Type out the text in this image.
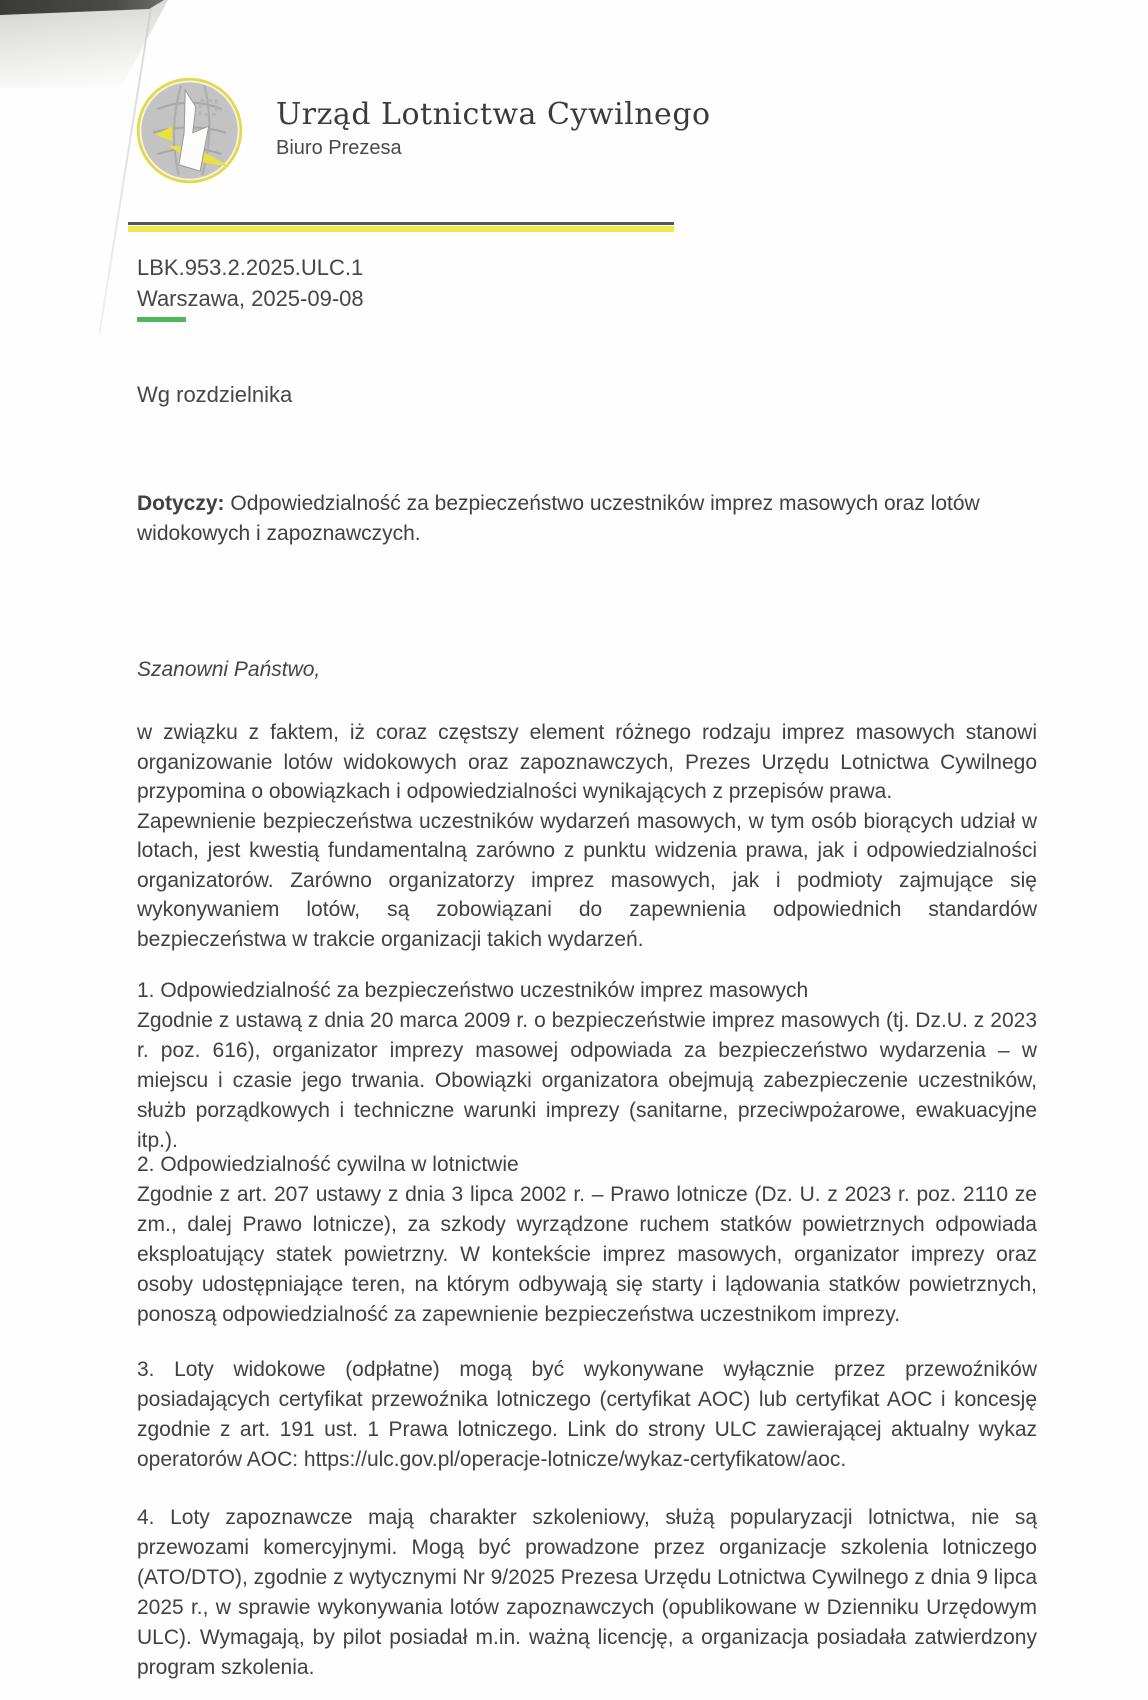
Urząd Lotnictwa Cywilnego
Biuro Prezesa
LBK.953.2.2025.ULC.1
Warszawa, 2025-09-08
Wg rozdzielnika

Dotyczy: Odpowiedzialność za bezpieczeństwo uczestników imprez masowych oraz lotów widokowych i zapoznawczych.

Szanowni Państwo,

w związku z faktem, iż coraz częstszy element różnego rodzaju imprez masowych stanowi organizowanie lotów widokowych oraz zapoznawczych, Prezes Urzędu Lotnictwa Cywilnego przypomina o obowiązkach i odpowiedzialności wynikających z przepisów prawa.

Zapewnienie bezpieczeństwa uczestników wydarzeń masowych, w tym osób biorących udział w lotach, jest kwestią fundamentalną zarówno z punktu widzenia prawa, jak i odpowiedzialności organizatorów. Zarówno organizatorzy imprez masowych, jak i podmioty zajmujące się wykonywaniem lotów, są zobowiązani do zapewnienia odpowiednich standardów bezpieczeństwa w trakcie organizacji takich wydarzeń.

1. Odpowiedzialność za bezpieczeństwo uczestników imprez masowych

Zgodnie z ustawą z dnia 20 marca 2009 r. o bezpieczeństwie imprez masowych (tj. Dz.U. z 2023 r. poz. 616), organizator imprezy masowej odpowiada za bezpieczeństwo wydarzenia – w miejscu i czasie jego trwania. Obowiązki organizatora obejmują zabezpieczenie uczestników, służb porządkowych i techniczne warunki imprezy (sanitarne, przeciwpożarowe, ewakuacyjne itp.).

2. Odpowiedzialność cywilna w lotnictwie

Zgodnie z art. 207 ustawy z dnia 3 lipca 2002 r. – Prawo lotnicze (Dz. U. z 2023 r. poz. 2110 ze zm., dalej Prawo lotnicze), za szkody wyrządzone ruchem statków powietrznych odpowiada eksploatujący statek powietrzny. W kontekście imprez masowych, organizator imprezy oraz osoby udostępniające teren, na którym odbywają się starty i lądowania statków powietrznych, ponoszą odpowiedzialność za zapewnienie bezpieczeństwa uczestnikom imprezy.

3. Loty widokowe (odpłatne) mogą być wykonywane wyłącznie przez przewoźników posiadających certyfikat przewoźnika lotniczego (certyfikat AOC) lub certyfikat AOC i koncesję zgodnie z art. 191 ust. 1 Prawa lotniczego. Link do strony ULC zawierającej aktualny wykaz operatorów AOC: https://ulc.gov.pl/operacje-lotnicze/wykaz-certyfikatow/aoc.

4. Loty zapoznawcze mają charakter szkoleniowy, służą popularyzacji lotnictwa, nie są przewozami komercyjnymi. Mogą być prowadzone przez organizacje szkolenia lotniczego (ATO/DTO), zgodnie z wytycznymi Nr 9/2025 Prezesa Urzędu Lotnictwa Cywilnego z dnia 9 lipca 2025 r., w sprawie wykonywania lotów zapoznawczych (opublikowane w Dzienniku Urzędowym ULC). Wymagają, by pilot posiadał m.in. ważną licencję, a organizacja posiadała zatwierdzony program szkolenia.
